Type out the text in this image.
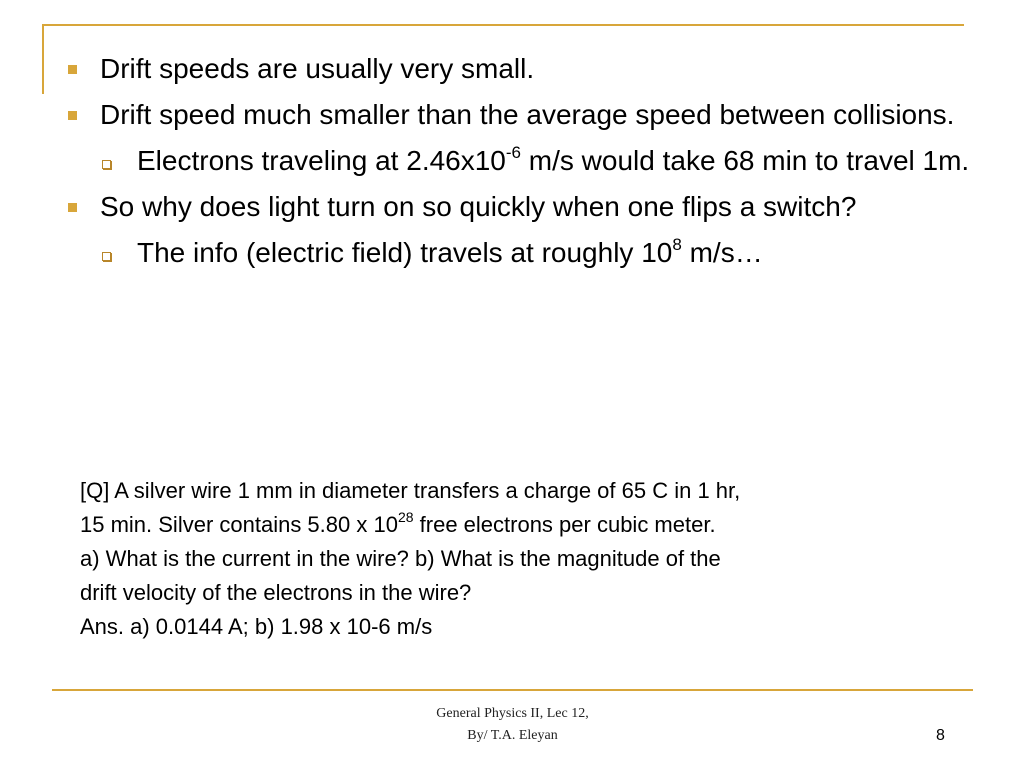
Drift speeds are usually very small.
Drift speed much smaller than the average speed between collisions.
Electrons traveling at $2.46x10^{-6}$ m/s would take 68 min to travel 1m.
So why does light turn on so quickly when one flips a switch?
The info (electric field) travels at roughly $10^8$ m/s…
[Q] A silver wire 1 mm in diameter transfers a charge of 65 C in 1 hr,
15 min. Silver contains 5.80 x $10^{28}$ free electrons per cubic meter.
a) What is the current in the wire? b) What is the magnitude of the
drift velocity of the electrons in the wire?
Ans. a) 0.0144 A; b) 1.98 x 10-6 m/s
General Physics II, Lec 12,
By/ T.A. Eleyan	8
